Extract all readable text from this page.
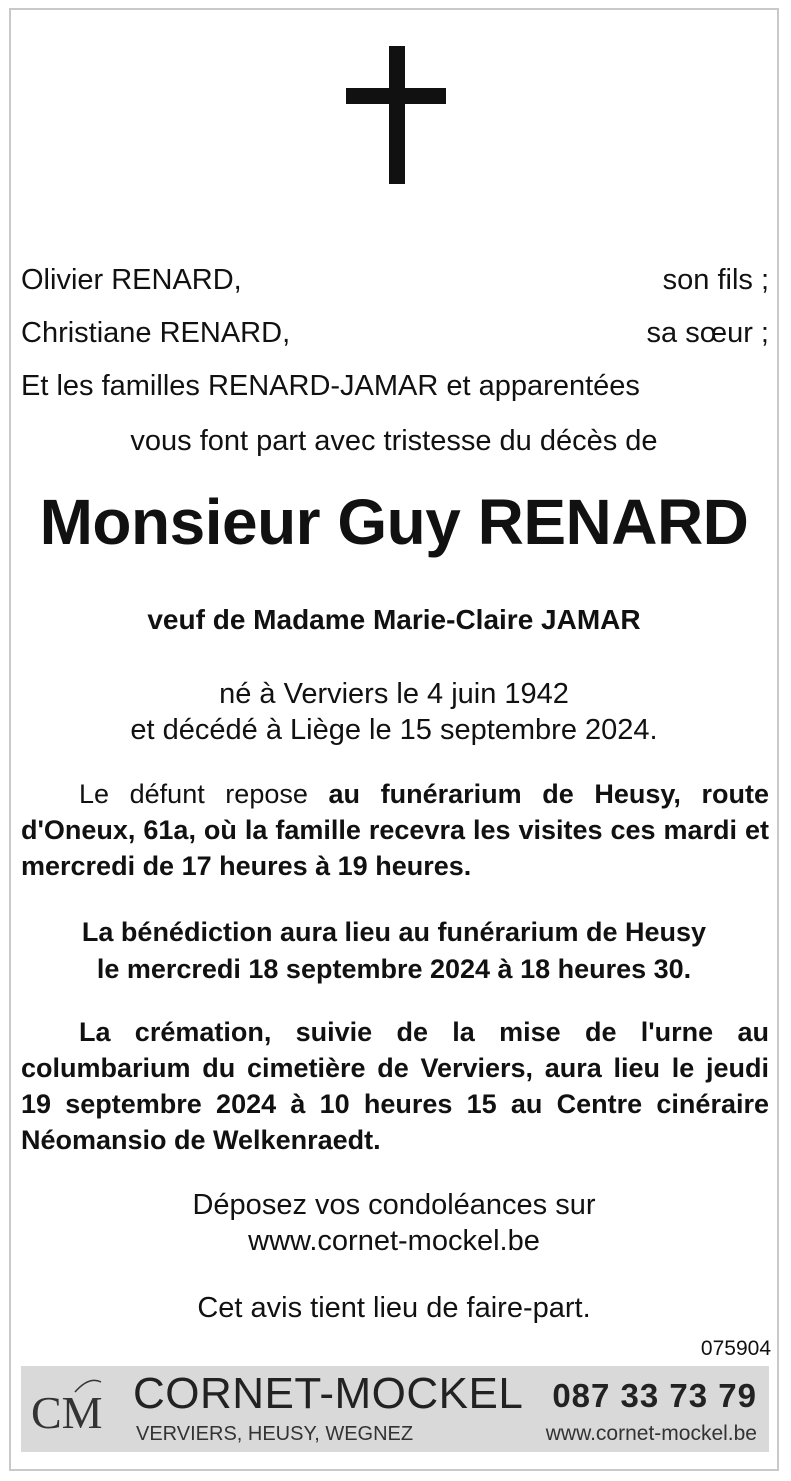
Olivier RENARD,	son fils ;
Christiane RENARD,	sa sœur ;
Et les familles RENARD-JAMAR et apparentées
vous font part avec tristesse du décès de
Monsieur Guy RENARD
veuf de Madame Marie-Claire JAMAR
né à Verviers le 4 juin 1942
et décédé à Liège le 15 septembre 2024.
Le défunt repose au funérarium de Heusy, route d'Oneux, 61a, où la famille recevra les visites ces mardi et mercredi de 17 heures à 19 heures.
La bénédiction aura lieu au funérarium de Heusy
le mercredi 18 septembre 2024 à 18 heures 30.
La crémation, suivie de la mise de l'urne au columbarium du cimetière de Verviers, aura lieu le jeudi 19 septembre 2024 à 10 heures 15 au Centre cinéraire Néomansio de Welkenraedt.
Déposez vos condoléances sur
www.cornet-mockel.be
Cet avis tient lieu de faire-part.
075904
CM CORNET-MOCKEL
VERVIERS, HEUSY, WEGNEZ
087 33 73 79
www.cornet-mockel.be
